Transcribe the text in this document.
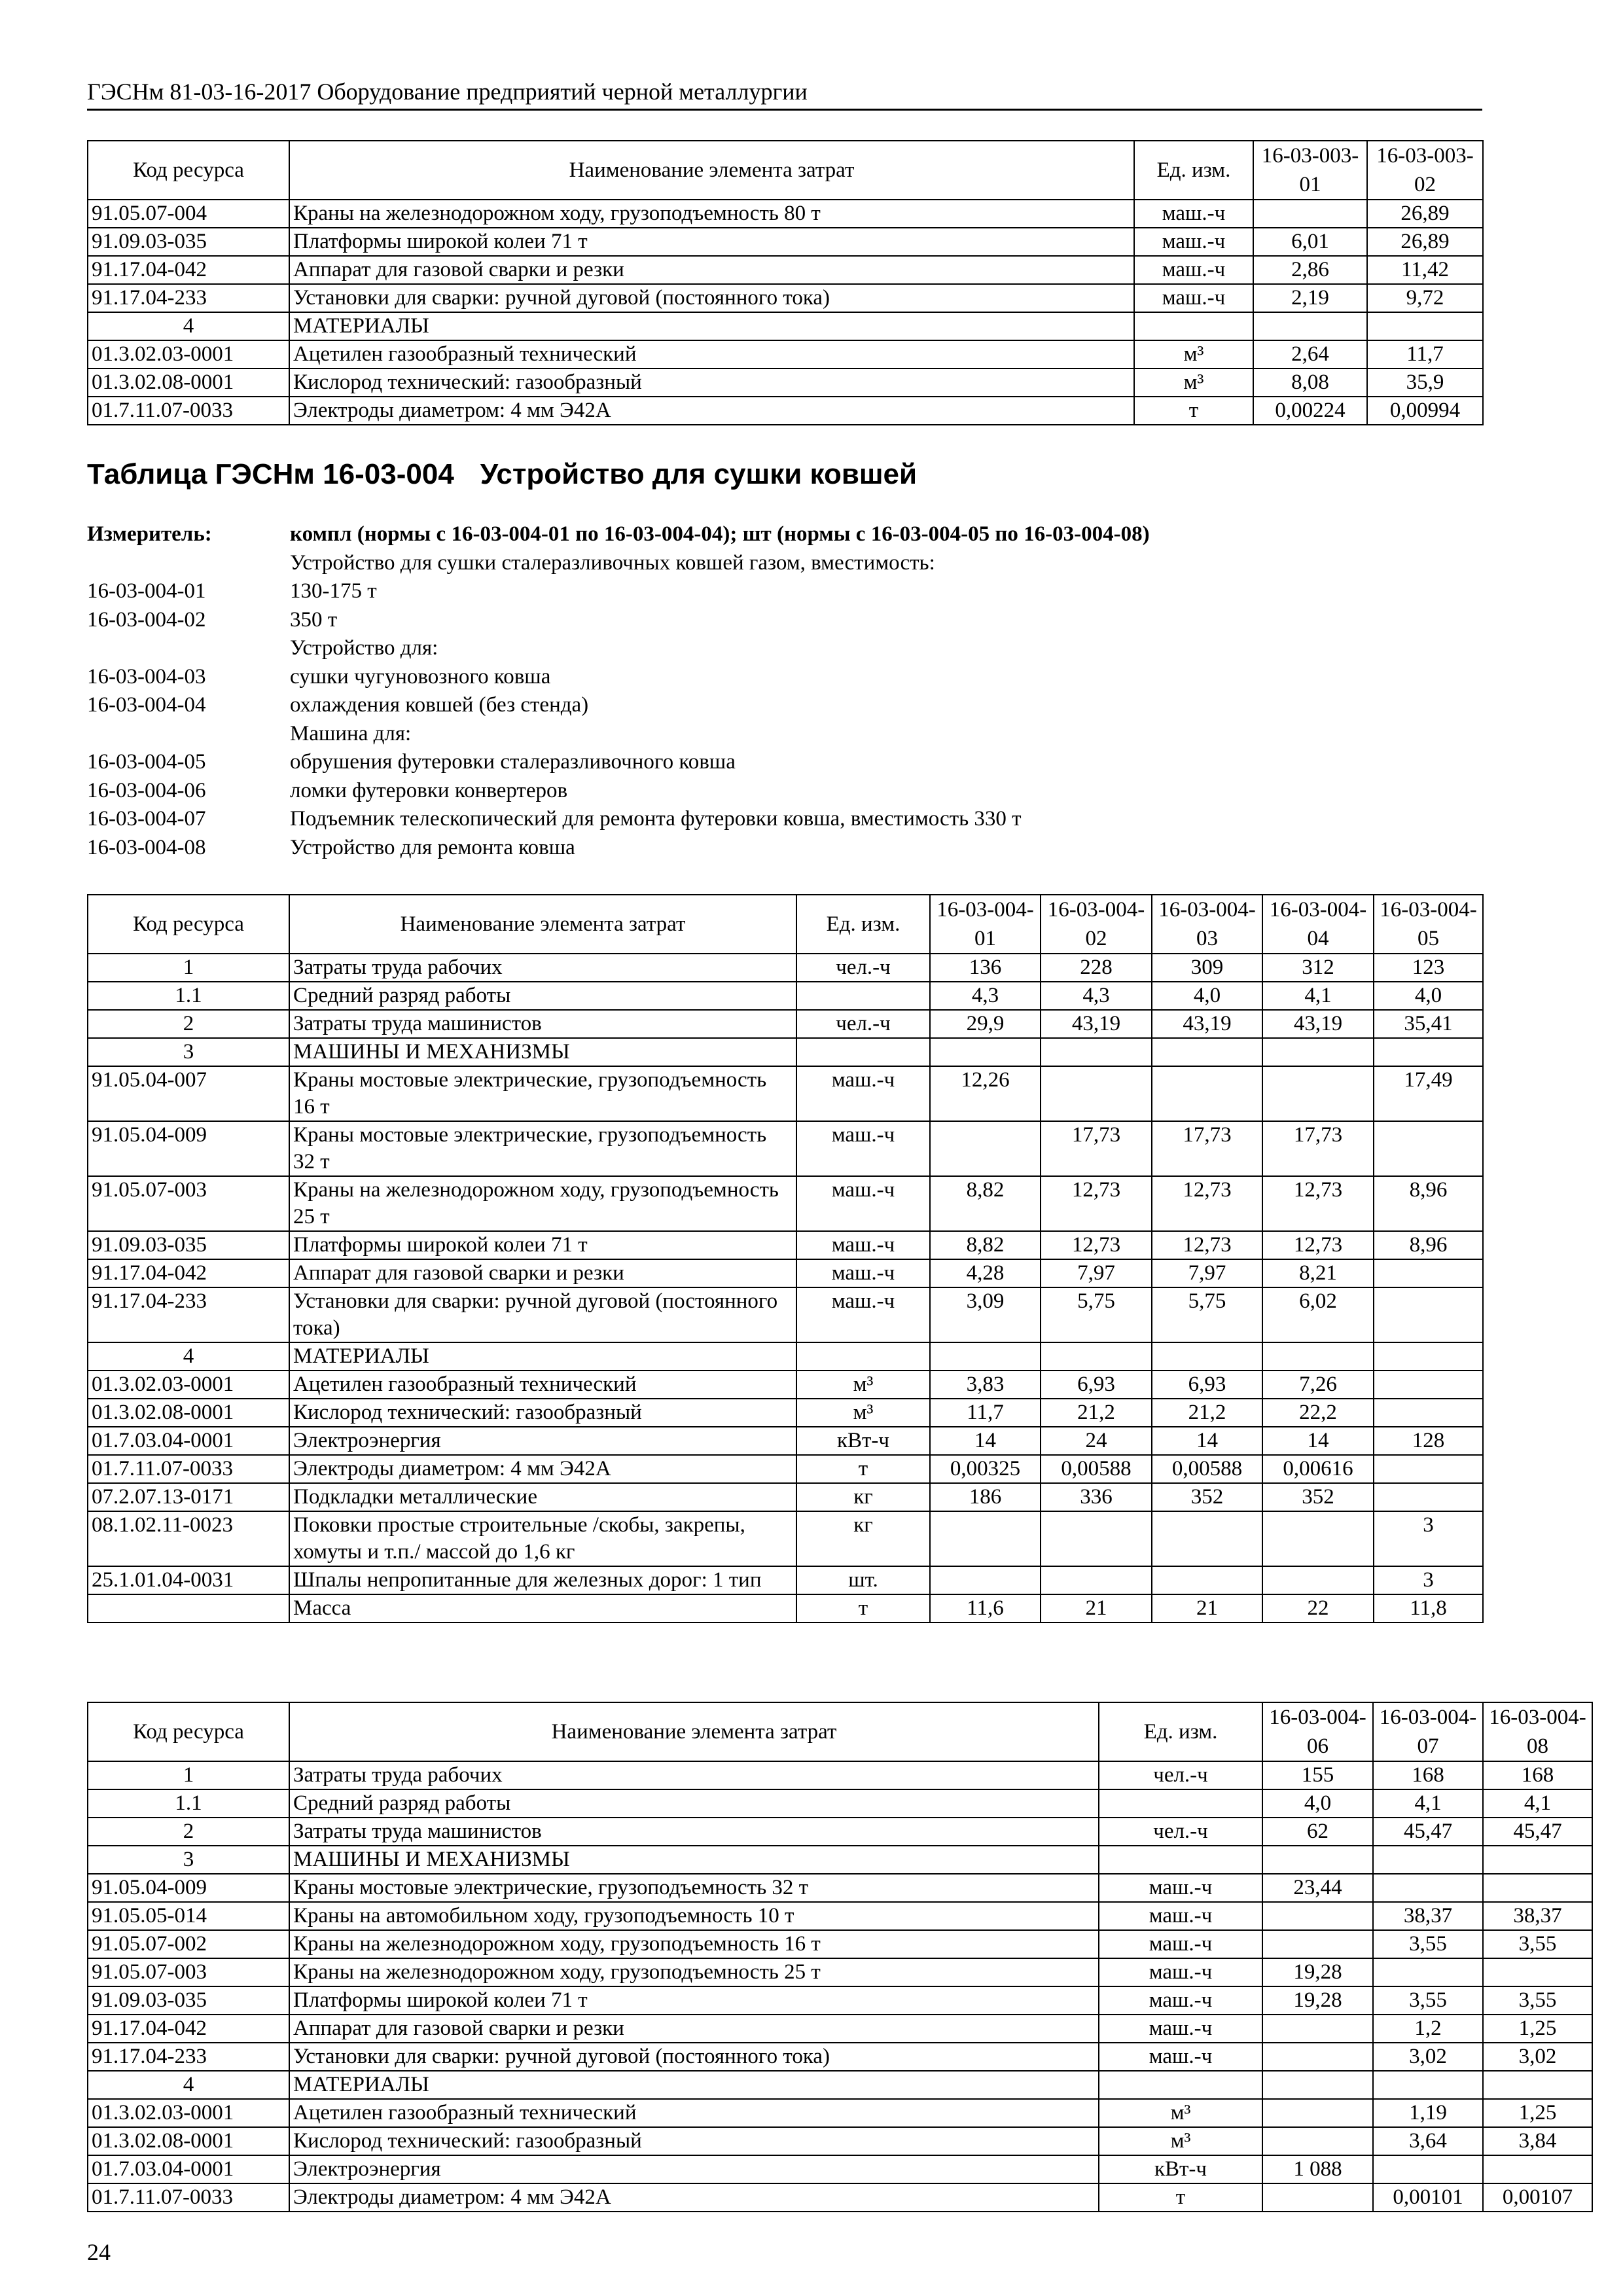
ГЭСНм 81-03-16-2017 Оборудование предприятий черной металлургии
Код ресурса	Наименование элемента затрат	Ед. изм.	16-03-003-01	16-03-003-02
91.05.07-004	Краны на железнодорожном ходу, грузоподъемность 80 т	маш.-ч		26,89
91.09.03-035	Платформы широкой колеи 71 т	маш.-ч	6,01	26,89
91.17.04-042	Аппарат для газовой сварки и резки	маш.-ч	2,86	11,42
91.17.04-233	Установки для сварки: ручной дуговой (постоянного тока)	маш.-ч	2,19	9,72
4	МАТЕРИАЛЫ			
01.3.02.03-0001	Ацетилен газообразный технический	м³	2,64	11,7
01.3.02.08-0001	Кислород технический: газообразный	м³	8,08	35,9
01.7.11.07-0033	Электроды диаметром: 4 мм Э42А	т	0,00224	0,00994
Таблица ГЭСНм 16-03-004 Устройство для сушки ковшей
Измеритель:	компл (нормы с 16-03-004-01 по 16-03-004-04); шт (нормы с 16-03-004-05 по 16-03-004-08)
Устройство для сушки сталеразливочных ковшей газом, вместимость:
16-03-004-01	130-175 т
16-03-004-02	350 т
Устройство для:
16-03-004-03	сушки чугуновозного ковша
16-03-004-04	охлаждения ковшей (без стенда)
Машина для:
16-03-004-05	обрушения футеровки сталеразливочного ковша
16-03-004-06	ломки футеровки конвертеров
16-03-004-07	Подъемник телескопический для ремонта футеровки ковша, вместимость 330 т
16-03-004-08	Устройство для ремонта ковша
Код ресурса	Наименование элемента затрат	Ед. изм.	16-03-004-01	16-03-004-02	16-03-004-03	16-03-004-04	16-03-004-05
1	Затраты труда рабочих	чел.-ч	136	228	309	312	123
1.1	Средний разряд работы		4,3	4,3	4,0	4,1	4,0
2	Затраты труда машинистов	чел.-ч	29,9	43,19	43,19	43,19	35,41
3	МАШИНЫ И МЕХАНИЗМЫ						
91.05.04-007	Краны мостовые электрические, грузоподъемность 16 т	маш.-ч	12,26				17,49
91.05.04-009	Краны мостовые электрические, грузоподъемность 32 т	маш.-ч		17,73	17,73	17,73	
91.05.07-003	Краны на железнодорожном ходу, грузоподъемность 25 т	маш.-ч	8,82	12,73	12,73	12,73	8,96
91.09.03-035	Платформы широкой колеи 71 т	маш.-ч	8,82	12,73	12,73	12,73	8,96
91.17.04-042	Аппарат для газовой сварки и резки	маш.-ч	4,28	7,97	7,97	8,21	
91.17.04-233	Установки для сварки: ручной дуговой (постоянного тока)	маш.-ч	3,09	5,75	5,75	6,02	
4	МАТЕРИАЛЫ						
01.3.02.03-0001	Ацетилен газообразный технический	м³	3,83	6,93	6,93	7,26	
01.3.02.08-0001	Кислород технический: газообразный	м³	11,7	21,2	21,2	22,2	
01.7.03.04-0001	Электроэнергия	кВт-ч	14	24	14	14	128
01.7.11.07-0033	Электроды диаметром: 4 мм Э42А	т	0,00325	0,00588	0,00588	0,00616	
07.2.07.13-0171	Подкладки металлические	кг	186	336	352	352	
08.1.02.11-0023	Поковки простые строительные /скобы, закрепы, хомуты и т.п./ массой до 1,6 кг	кг					3
25.1.01.04-0031	Шпалы непропитанные для железных дорог: 1 тип	шт.					3
	Масса	т	11,6	21	21	22	11,8
Код ресурса	Наименование элемента затрат	Ед. изм.	16-03-004-06	16-03-004-07	16-03-004-08
1	Затраты труда рабочих	чел.-ч	155	168	168
1.1	Средний разряд работы		4,0	4,1	4,1
2	Затраты труда машинистов	чел.-ч	62	45,47	45,47
3	МАШИНЫ И МЕХАНИЗМЫ				
91.05.04-009	Краны мостовые электрические, грузоподъемность 32 т	маш.-ч	23,44		
91.05.05-014	Краны на автомобильном ходу, грузоподъемность 10 т	маш.-ч		38,37	38,37
91.05.07-002	Краны на железнодорожном ходу, грузоподъемность 16 т	маш.-ч		3,55	3,55
91.05.07-003	Краны на железнодорожном ходу, грузоподъемность 25 т	маш.-ч	19,28		
91.09.03-035	Платформы широкой колеи 71 т	маш.-ч	19,28	3,55	3,55
91.17.04-042	Аппарат для газовой сварки и резки	маш.-ч		1,2	1,25
91.17.04-233	Установки для сварки: ручной дуговой (постоянного тока)	маш.-ч		3,02	3,02
4	МАТЕРИАЛЫ				
01.3.02.03-0001	Ацетилен газообразный технический	м³		1,19	1,25
01.3.02.08-0001	Кислород технический: газообразный	м³		3,64	3,84
01.7.03.04-0001	Электроэнергия	кВт-ч	1 088		
01.7.11.07-0033	Электроды диаметром: 4 мм Э42А	т		0,00101	0,00107
24
